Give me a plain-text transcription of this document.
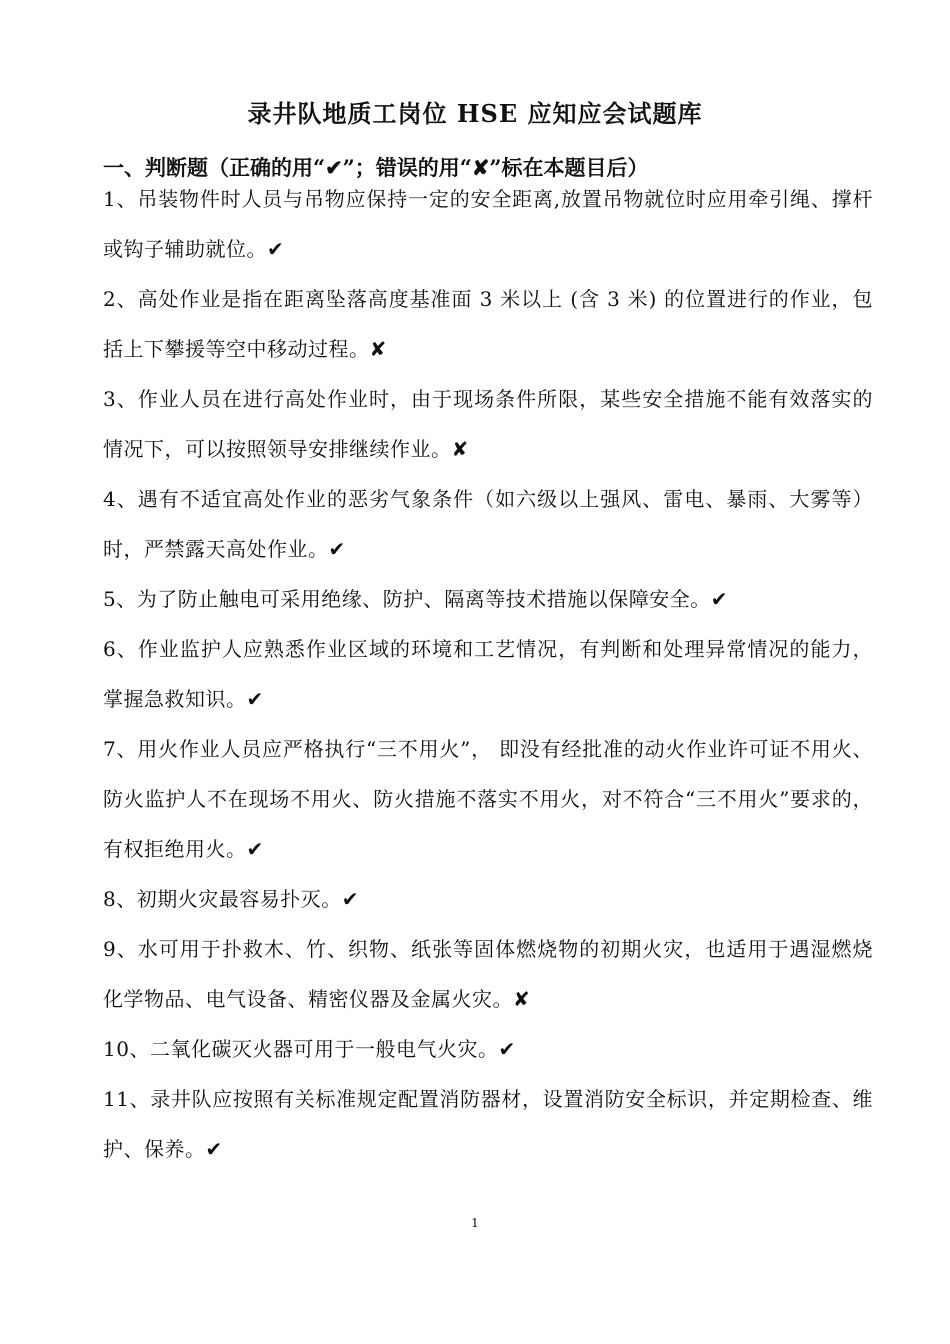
录井队地质工岗位 HSE 应知应会试题库
一、判断题（正确的用“✔”；错误的用“✘”标在本题目后）
1、吊装物件时人员与吊物应保持一定的安全距离,放置吊物就位时应用牵引绳、撑杆或钩子辅助就位。✔
2、高处作业是指在距离坠落高度基准面 3 米以上 (含 3 米) 的位置进行的作业，包括上下攀援等空中移动过程。✘
3、作业人员在进行高处作业时，由于现场条件所限，某些安全措施不能有效落实的情况下，可以按照领导安排继续作业。✘
4、遇有不适宜高处作业的恶劣气象条件（如六级以上强风、雷电、暴雨、大雾等）时，严禁露天高处作业。✔
5、为了防止触电可采用绝缘、防护、隔离等技术措施以保障安全。✔
6、作业监护人应熟悉作业区域的环境和工艺情况，有判断和处理异常情况的能力，掌握急救知识。✔
7、用火作业人员应严格执行“三不用火”， 即没有经批准的动火作业许可证不用火、防火监护人不在现场不用火、防火措施不落实不用火，对不符合“三不用火”要求的，有权拒绝用火。✔
8、初期火灾最容易扑灭。✔
9、水可用于扑救木、竹、织物、纸张等固体燃烧物的初期火灾，也适用于遇湿燃烧化学物品、电气设备、精密仪器及金属火灾。✘
10、二氧化碳灭火器可用于一般电气火灾。✔
11、录井队应按照有关标准规定配置消防器材，设置消防安全标识，并定期检查、维护、保养。✔
1
